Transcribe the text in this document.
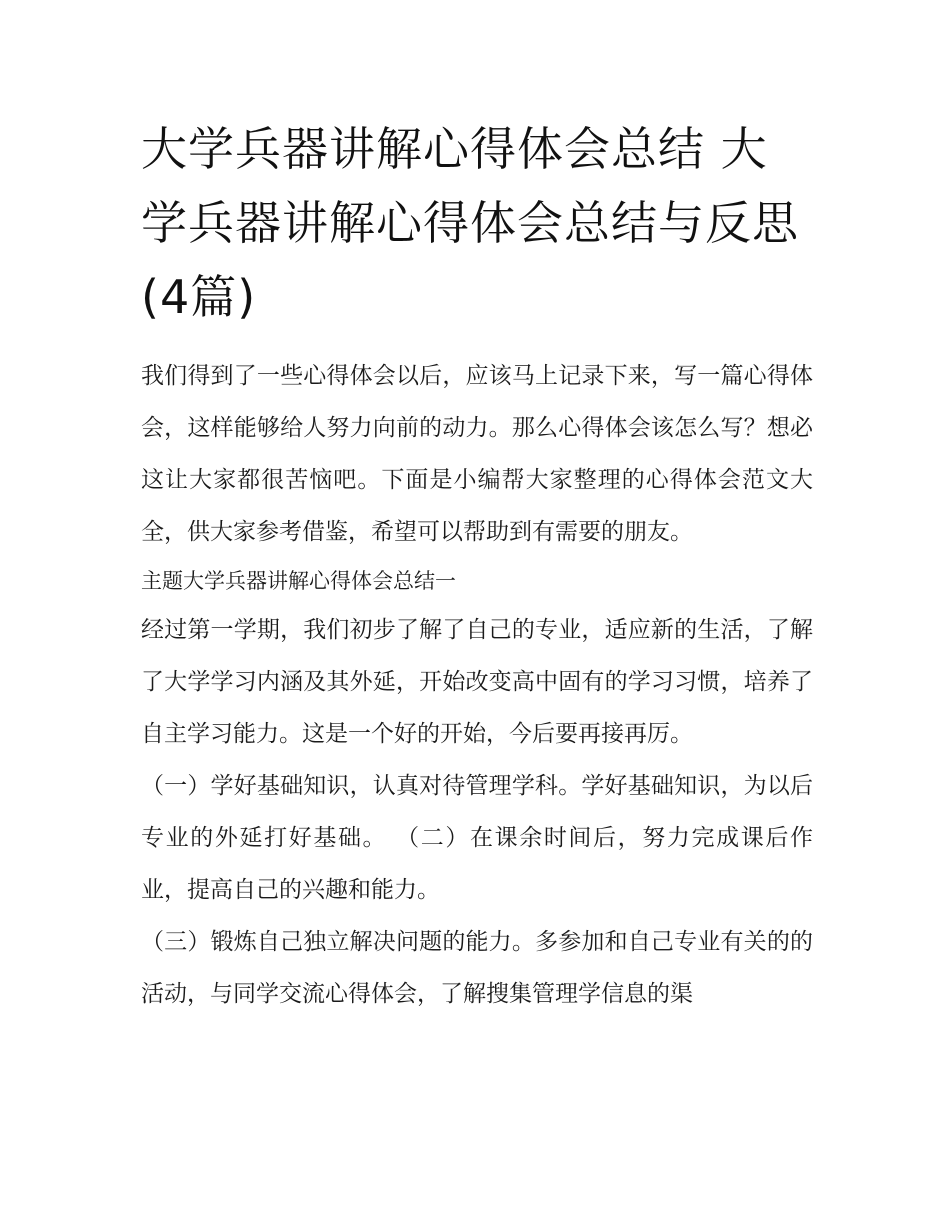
大学兵器讲解心得体会总结 大学兵器讲解心得体会总结与反思(4篇)

我们得到了一些心得体会以后，应该马上记录下来，写一篇心得体会，这样能够给人努力向前的动力。那么心得体会该怎么写？想必这让大家都很苦恼吧。下面是小编帮大家整理的心得体会范文大全，供大家参考借鉴，希望可以帮助到有需要的朋友。

主题大学兵器讲解心得体会总结一

经过第一学期，我们初步了解了自己的专业，适应新的生活，了解了大学学习内涵及其外延，开始改变高中固有的学习习惯，培养了自主学习能力。这是一个好的开始，今后要再接再厉。

（一）学好基础知识，认真对待管理学科。学好基础知识，为以后专业的外延打好基础。 （二）在课余时间后，努力完成课后作业，提高自己的兴趣和能力。

（三）锻炼自己独立解决问题的能力。多参加和自己专业有关的的活动，与同学交流心得体会，了解搜集管理学信息的渠
